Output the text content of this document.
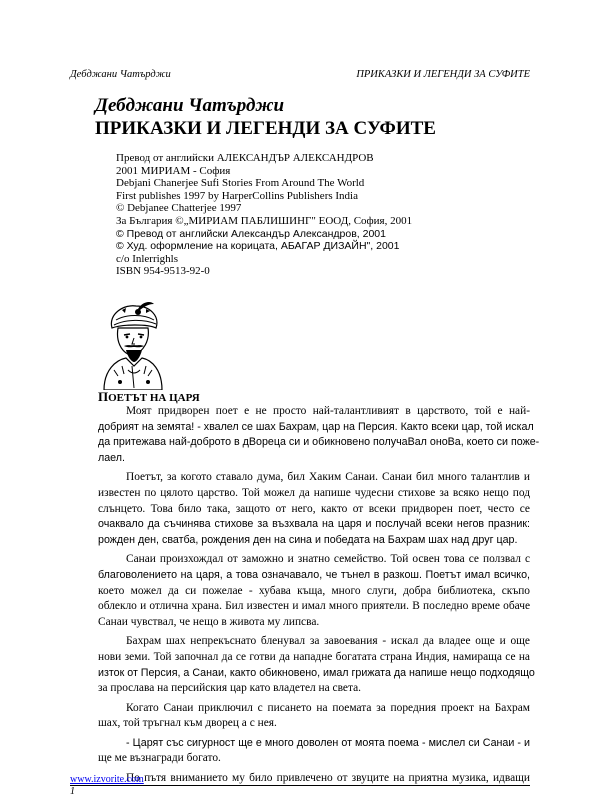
Дебджани Чатърджи	ПРИКАЗКИ И ЛЕГЕНДИ ЗА СУФИТЕ
Дебджани Чатърджи
ПРИКАЗКИ И ЛЕГЕНДИ ЗА СУФИТЕ
Превод от английски АЛЕКСАНДЪР АЛЕКСАНДРОВ
2001 МИРИАМ - София
Debjani Chanerjee Sufi Stories From Around The World
First publishes 1997 by HarperCollins Publishers India
© Debjanee Chatterjee 1997
За България ©„МИРИАМ ПАБЛИШИНГ" ЕООД, София, 2001
© Превод от английски Александър Александров, 2001
© Худ. оформление на корицата, АБАГАР ДИЗАЙН", 2001
c/o Inlerrighls
ISBN 954-9513-92-0
ПОЕТЪТ НА ЦАРЯ
Моят придворен поет е не просто най-талантливият в царството, той е най-
добрият на земята! - хвалел се шах Бахрам, цар на Персия. Както всеки цар, той искал
да притежава най-доброто в дВореца си и обикновено получаВал оноВа, което си поже-
лаел.
Поетът, за когото ставало дума, бил Хаким Санаи. Санаи бил много талантлив и
известен по цялото царство. Той можел да напише чудесни стихове за всяко нещо под
слънцето. Това било така, защото от него, както от всеки придворен поет, често се
очаквало да съчинява стихове за възхвала на царя и послучай всеки негов празник:
рожден ден, сватба, рождения ден на сина и победата на Бахрам шах над друг цар.
Санаи произхождал от заможно и знатно семейство. Той освен това се ползвал с
благоволението на царя, а това означавало, че тънел в разкош. Поетът имал всичко,
което можел да си пожелае - хубава къща, много слуги, добра библиотека, скъпо
облекло и отлична храна. Бил известен и имал много приятели. В последно време обаче
Санаи чувствал, че нещо в живота му липсва.
Бахрам шах непрекъснато бленувал за завоевания - искал да владее още и още
нови земи. Той започнал да се готви да нападне богатата страна Индия, намираща се на
изток от Персия, а Санаи, както обикновено, имал грижата да напише нещо подходящо
за прослава на персийския цар като владетел на света.
Когато Санаи приключил с писането на поемата за поредния проект на Бахрам
шах, той тръгнал към дворец а с нея.
- Царят със сигурност ще е много доволен от моята поема - мислел си Санаи - и
ще ме възнагради богато.
По пътя вниманието му било привлечено от звуците на приятна музика, идващи
www.izvorite.com
1
